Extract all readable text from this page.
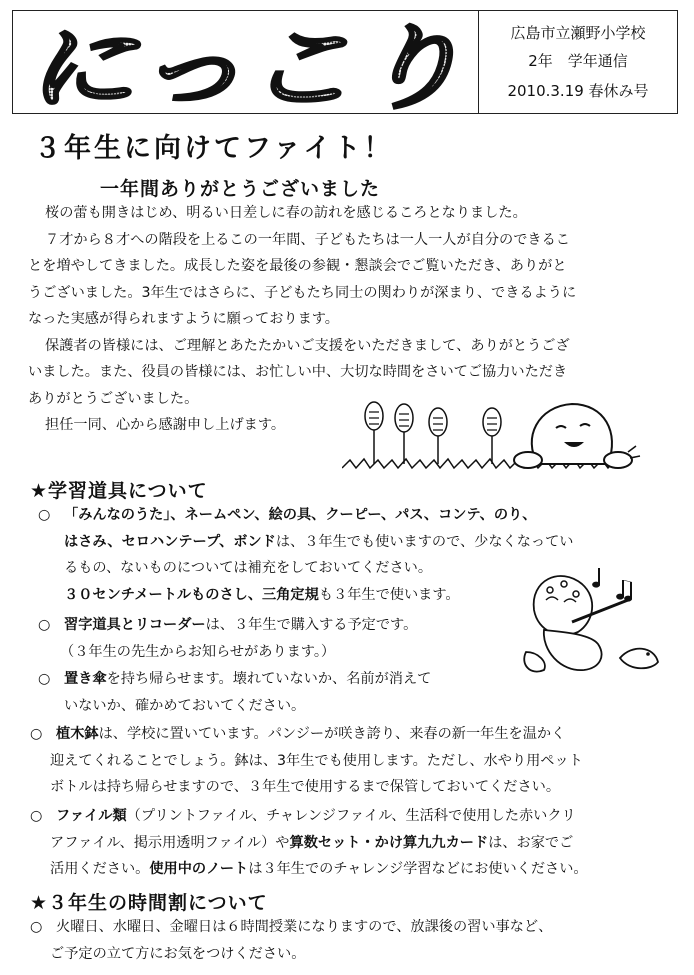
にっこり	広島市立瀬野小学校
2年　学年通信
2010.3.19 春休み号
３年生に向けてファイト！
一年間ありがとうございました
桜の蕾も開きはじめ、明るい日差しに春の訪れを感じるころとなりました。
７才から８才への階段を上るこの一年間、子どもたちは一人一人が自分のできるこ
とを増やしてきました。成長した姿を最後の参観・懇談会でご覧いただき、ありがと
うございました。3年生ではさらに、子どもたち同士の関わりが深まり、できるように
なった実感が得られますように願っております。
保護者の皆様には、ご理解とあたたかいご支援をいただきまして、ありがとうござ
いました。また、役員の皆様には、お忙しい中、大切な時間をさいてご協力いただき
ありがとうございました。
担任一同、心から感謝申し上げます。
★学習道具について
○ 「みんなのうた」、ネームペン、絵の具、クーピー、パス、コンテ、のり、
はさみ、セロハンテープ、ボンドは、３年生でも使いますので、少なくなってい
るもの、ないものについては補充をしておいてください。
３０センチメートルものさし、三角定規も３年生で使います。
○ 習字道具とリコーダーは、３年生で購入する予定です。
（３年生の先生からお知らせがあります。）
○ 置き傘を持ち帰らせます。壊れていないか、名前が消えて
いないか、確かめておいてください。
○ 植木鉢は、学校に置いています。パンジーが咲き誇り、来春の新一年生を温かく
迎えてくれることでしょう。鉢は、3年生でも使用します。ただし、水やり用ペット
ボトルは持ち帰らせますので、３年生で使用するまで保管しておいてください。
○ ファイル類（プリントファイル、チャレンジファイル、生活科で使用した赤いクリ
アファイル、掲示用透明ファイル）や算数セット・かけ算九九カードは、お家でご
活用ください。使用中のノートは３年生でのチャレンジ学習などにお使いください。
★３年生の時間割について
○ 火曜日、水曜日、金曜日は６時間授業になりますので、放課後の習い事など、
ご予定の立て方にお気をつけください。
